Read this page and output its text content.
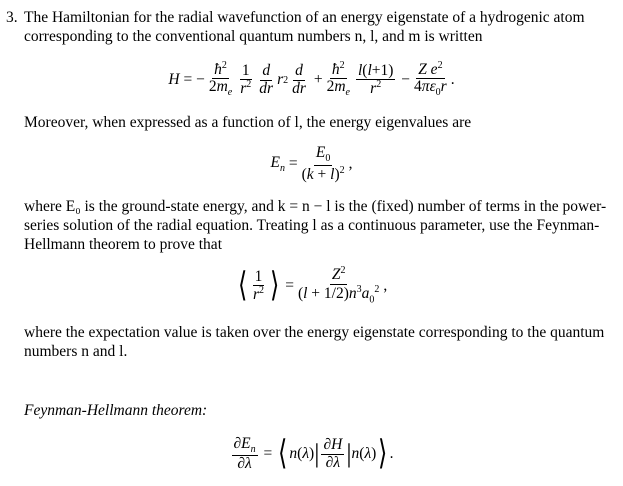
3. The Hamiltonian for the radial wavefunction of an energy eigenstate of a hydrogenic atom corresponding to the conventional quantum numbers n, l, and m is written
H = − $\frac{ħ^2}{2m_e} \frac{1}{r^2} \frac{d}{dr}$ r $2 \frac{d}{dr} + \frac{ħ^2}{2m_e} \frac{l(l+1)}{r^2} - \frac{Z e^2}{4\pi\varepsilon_0r}$ .
Moreover, when expressed as a function of l, the energy eigenvalues are
$E_n = \frac{E_0}{(k + l)^2}$ ,
where E₀ is the ground-state energy, and k = n − l is the (fixed) number of terms in the power-series solution of the radial equation. Treating l as a continuous parameter, use the Feynman-Hellmann theorem to prove that
⟨ $\frac{1}{r^2}$ ⟩ = $\frac{Z^2}{(l + 1/2)n^3a_0^2}$ ,
where the expectation value is taken over the energy eigenstate corresponding to the quantum numbers n and l.
Feynman-Hellmann theorem:
$\frac{\partial E_n}{\partial\lambda}$ = ⟨ n ( λ ) | $\frac{\partial H}{\partial\lambda}$ | n ( λ ) ⟩ .
